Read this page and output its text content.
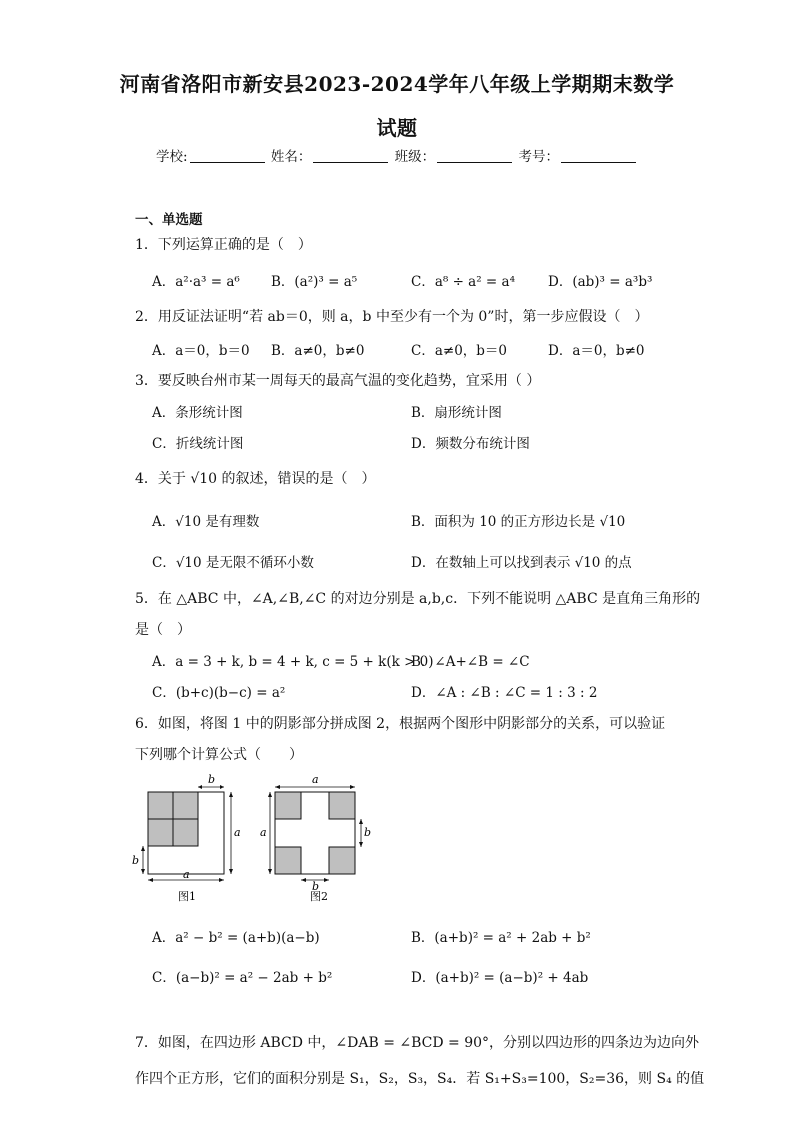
河南省洛阳市新安县2023-2024学年八年级上学期期末数学
试题
学校:	姓名：	班级：	考号：
一、单选题
1．下列运算正确的是（　）
A．a²·a³ = a⁶ B．(a²)³ = a⁵	C．a⁸ ÷ a² = a⁴ D．(ab)³ = a³b³
2．用反证法证明“若 ab＝0，则 a，b 中至少有一个为 0”时，第一步应假设（　）
A．a＝0，b＝0 B．a≠0，b≠0	C．a≠0，b＝0	D．a＝0，b≠0
3．要反映台州市某一周每天的最高气温的变化趋势，宜采用（ ）
A．条形统计图	B．扇形统计图
C．折线统计图	D．频数分布统计图
4．关于 √10 的叙述，错误的是（　）
A．√10 是有理数	B．面积为 10 的正方形边长是 √10
C．√10 是无限不循环小数	D．在数轴上可以找到表示 √10 的点
5．在 △ABC 中，∠A,∠B,∠C 的对边分别是 a,b,c．下列不能说明 △ABC 是直角三角形的
是（　）
A．a = 3 + k, b = 4 + k, c = 5 + k(k > 0)
B．∠A+∠B = ∠C
C．(b+c)(b−c) = a²	D．∠A : ∠B : ∠C = 1 : 3 : 2
6．如图，将图 1 中的阴影部分拼成图 2，根据两个图形中阴影部分的关系，可以验证
下列哪个计算公式（　　）
b
a
b
a
图1
a
a	b
b
图2
A．a² − b² = (a+b)(a−b)	B．(a+b)² = a² + 2ab + b²
C．(a−b)² = a² − 2ab + b²	D．(a+b)² = (a−b)² + 4ab
7．如图，在四边形 ABCD 中，∠DAB = ∠BCD = 90°，分别以四边形的四条边为边向外
作四个正方形，它们的面积分别是 S₁，S₂，S₃，S₄．若 S₁+S₃=100，S₂=36，则 S₄ 的值
